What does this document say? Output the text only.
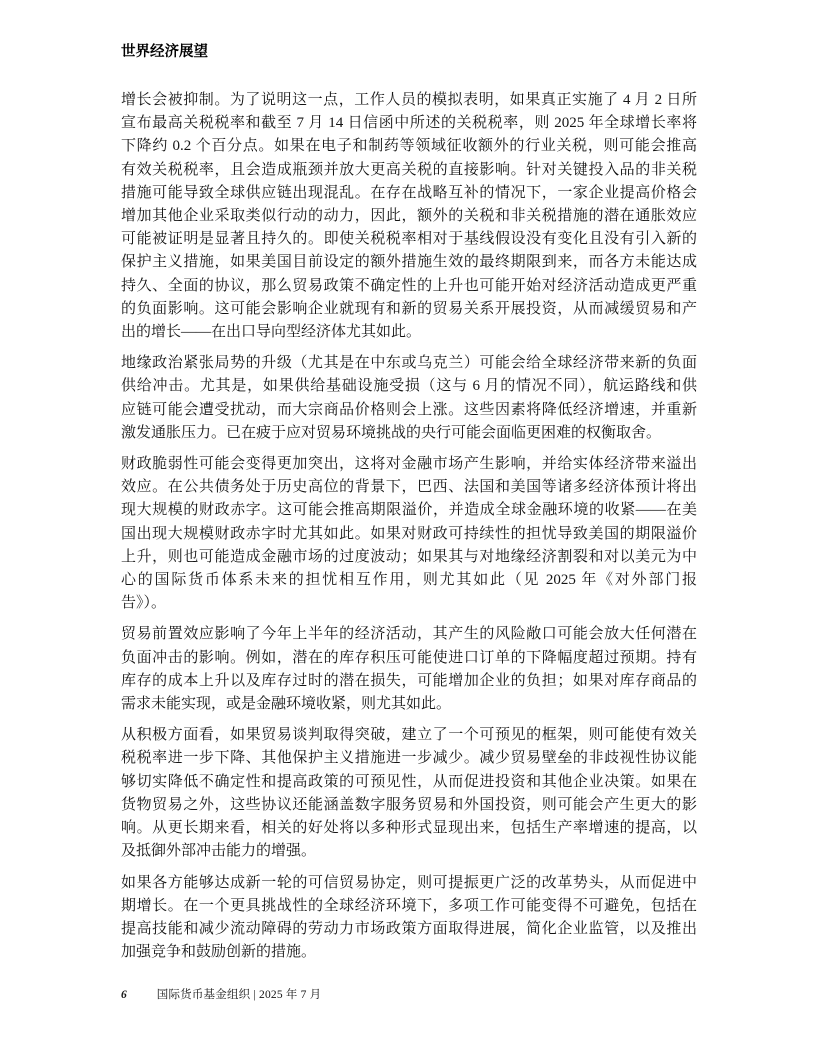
世界经济展望
增长会被抑制。为了说明这一点，工作人员的模拟表明，如果真正实施了 4 月 2 日所
宣布最高关税税率和截至 7 月 14 日信函中所述的关税税率，则 2025 年全球增长率将
下降约 0.2 个百分点。如果在电子和制药等领域征收额外的行业关税，则可能会推高
有效关税税率，且会造成瓶颈并放大更高关税的直接影响。针对关键投入品的非关税
措施可能导致全球供应链出现混乱。在存在战略互补的情况下，一家企业提高价格会
增加其他企业采取类似行动的动力，因此，额外的关税和非关税措施的潜在通胀效应
可能被证明是显著且持久的。即使关税税率相对于基线假设没有变化且没有引入新的
保护主义措施，如果美国目前设定的额外措施生效的最终期限到来，而各方未能达成
持久、全面的协议，那么贸易政策不确定性的上升也可能开始对经济活动造成更严重
的负面影响。这可能会影响企业就现有和新的贸易关系开展投资，从而减缓贸易和产
出的增长——在出口导向型经济体尤其如此。
地缘政治紧张局势的升级（尤其是在中东或乌克兰）可能会给全球经济带来新的负面
供给冲击。尤其是，如果供给基础设施受损（这与 6 月的情况不同），航运路线和供
应链可能会遭受扰动，而大宗商品价格则会上涨。这些因素将降低经济增速，并重新
激发通胀压力。已在疲于应对贸易环境挑战的央行可能会面临更困难的权衡取舍。
财政脆弱性可能会变得更加突出，这将对金融市场产生影响，并给实体经济带来溢出
效应。在公共债务处于历史高位的背景下，巴西、法国和美国等诸多经济体预计将出
现大规模的财政赤字。这可能会推高期限溢价，并造成全球金融环境的收紧——在美
国出现大规模财政赤字时尤其如此。如果对财政可持续性的担忧导致美国的期限溢价
上升，则也可能造成金融市场的过度波动；如果其与对地缘经济割裂和对以美元为中
心的国际货币体系未来的担忧相互作用，则尤其如此（见 2025 年《对外部门报
告》）。
贸易前置效应影响了今年上半年的经济活动，其产生的风险敞口可能会放大任何潜在
负面冲击的影响。例如，潜在的库存积压可能使进口订单的下降幅度超过预期。持有
库存的成本上升以及库存过时的潜在损失，可能增加企业的负担；如果对库存商品的
需求未能实现，或是金融环境收紧，则尤其如此。
从积极方面看，如果贸易谈判取得突破，建立了一个可预见的框架，则可能使有效关
税税率进一步下降、其他保护主义措施进一步减少。减少贸易壁垒的非歧视性协议能
够切实降低不确定性和提高政策的可预见性，从而促进投资和其他企业决策。如果在
货物贸易之外，这些协议还能涵盖数字服务贸易和外国投资，则可能会产生更大的影
响。从更长期来看，相关的好处将以多种形式显现出来，包括生产率增速的提高，以
及抵御外部冲击能力的增强。
如果各方能够达成新一轮的可信贸易协定，则可提振更广泛的改革势头，从而促进中
期增长。在一个更具挑战性的全球经济环境下，多项工作可能变得不可避免，包括在
提高技能和减少流动障碍的劳动力市场政策方面取得进展，简化企业监管，以及推出
加强竞争和鼓励创新的措施。
6	国际货币基金组织 | 2025 年 7 月
